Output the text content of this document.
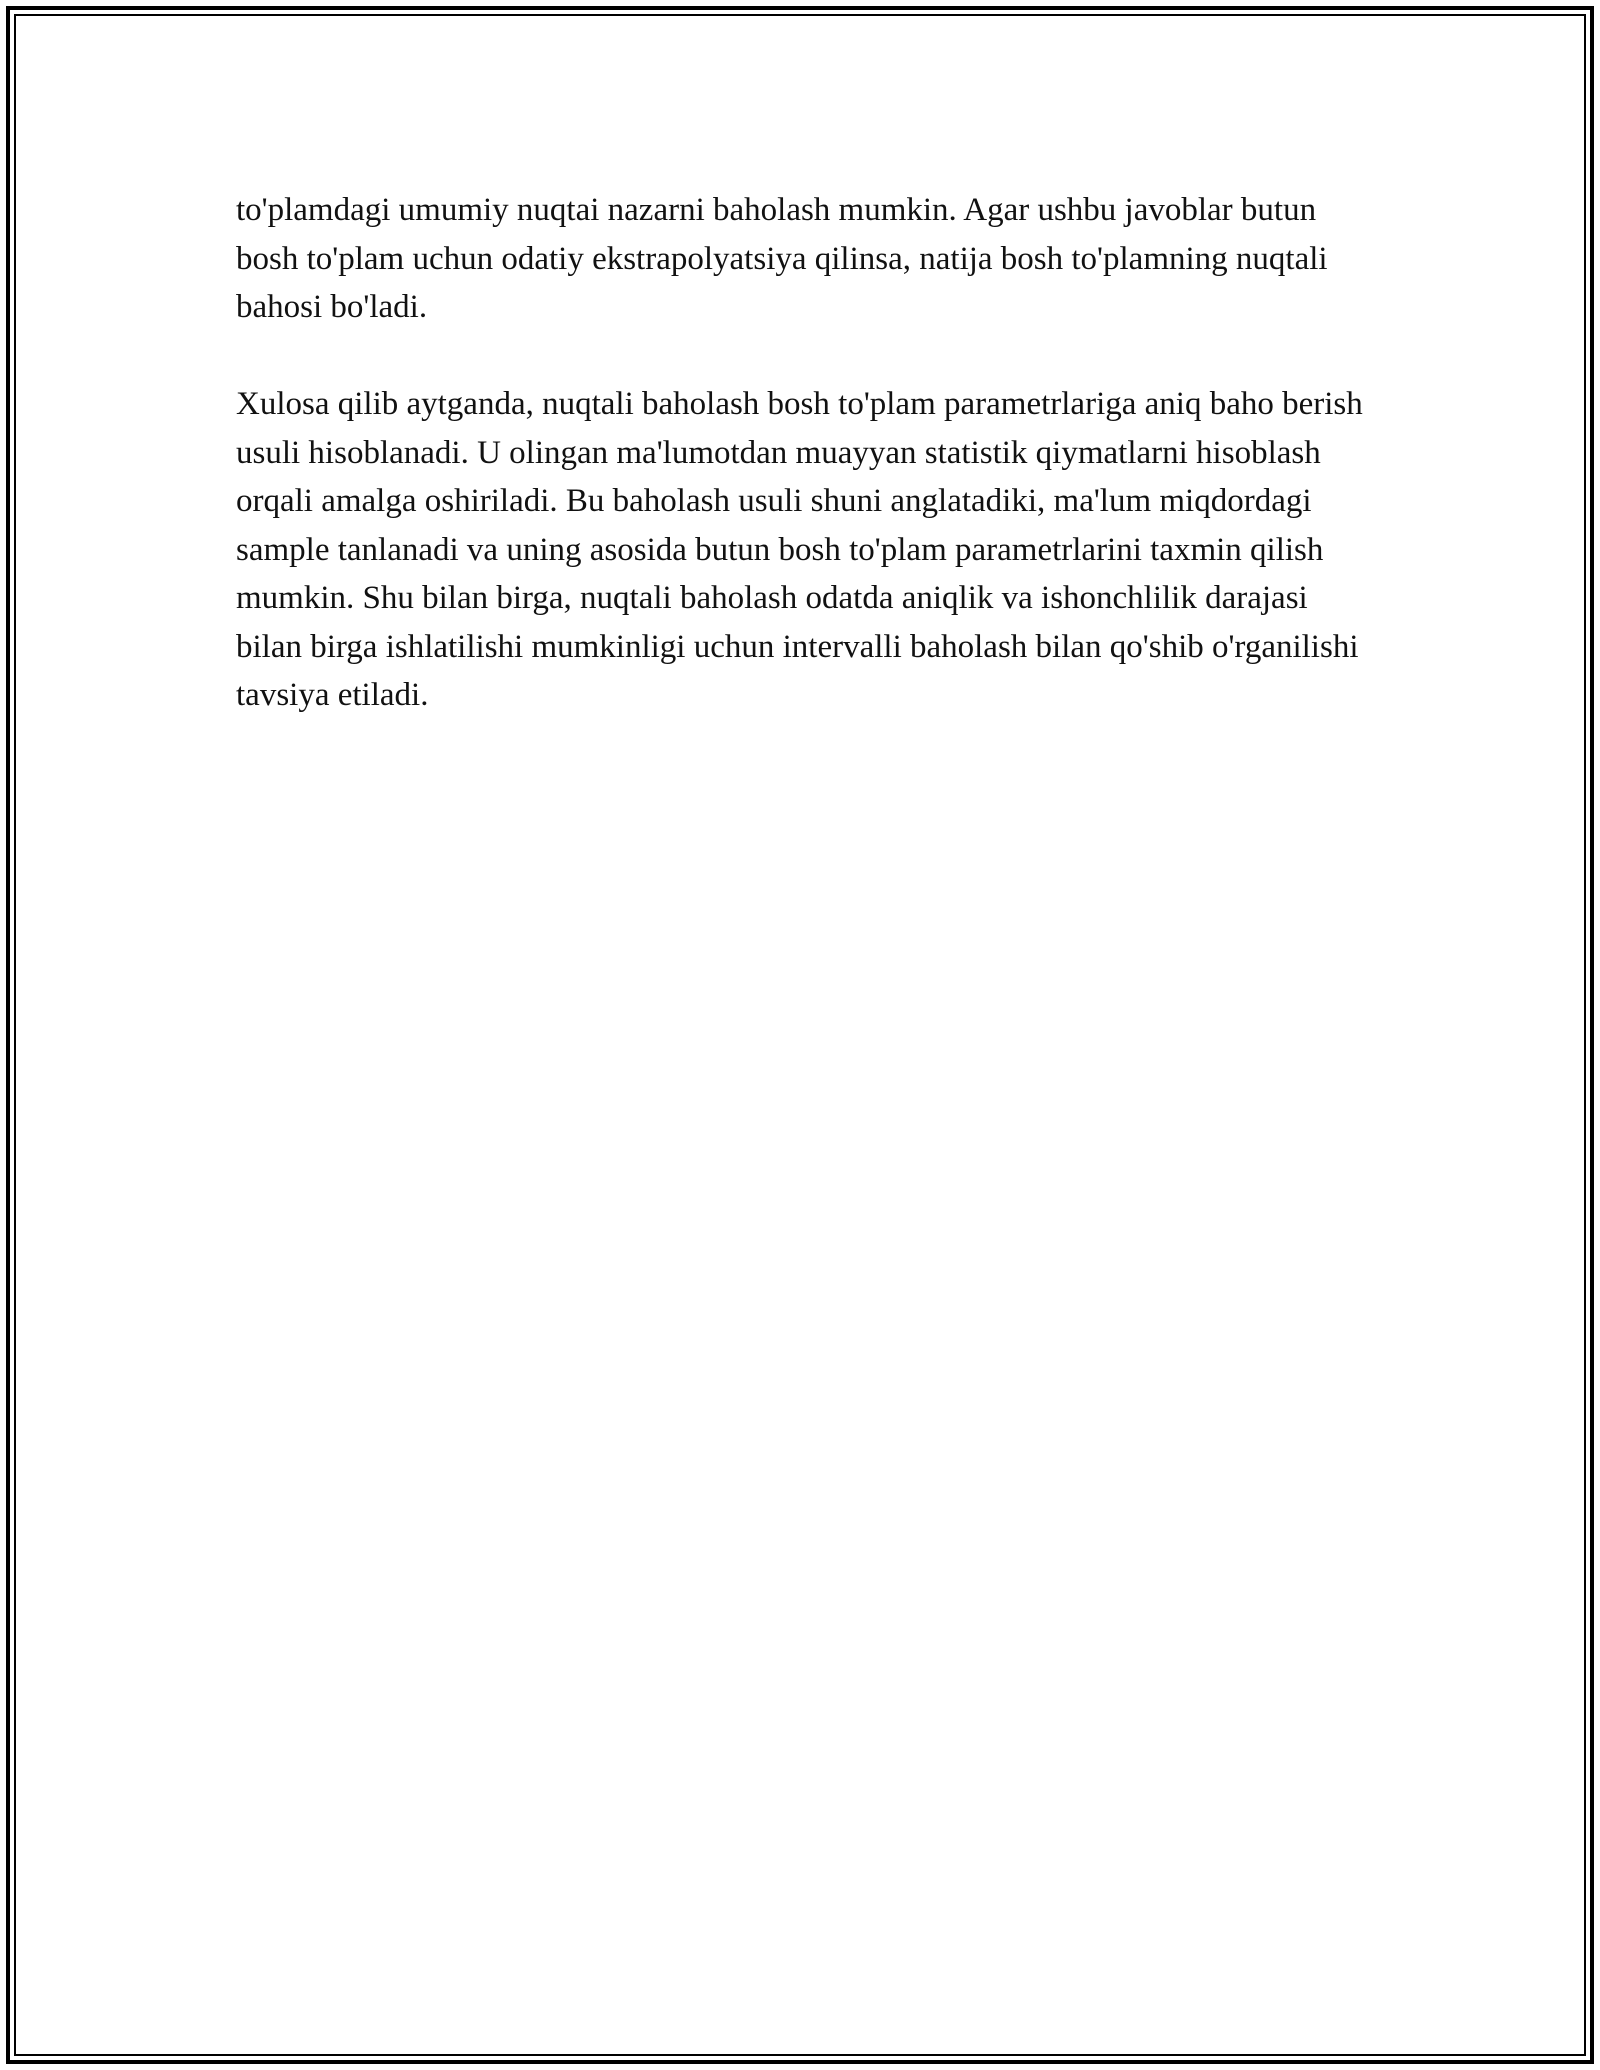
to'plamdagi umumiy nuqtai nazarni baholash mumkin. Agar ushbu javoblar butun bosh to'plam uchun odatiy ekstrapolyatsiya qilinsa, natija bosh to'plamning nuqtali bahosi bo'ladi.

Xulosa qilib aytganda, nuqtali baholash bosh to'plam parametrlariga aniq baho berish usuli hisoblanadi. U olingan ma'lumotdan muayyan statistik qiymatlarni hisoblash orqali amalga oshiriladi. Bu baholash usuli shuni anglatadiki, ma'lum miqdordagi sample tanlanadi va uning asosida butun bosh to'plam parametrlarini taxmin qilish mumkin. Shu bilan birga, nuqtali baholash odatda aniqlik va ishonchlilik darajasi bilan birga ishlatilishi mumkinligi uchun intervalli baholash bilan qo'shib o'rganilishi tavsiya etiladi.
